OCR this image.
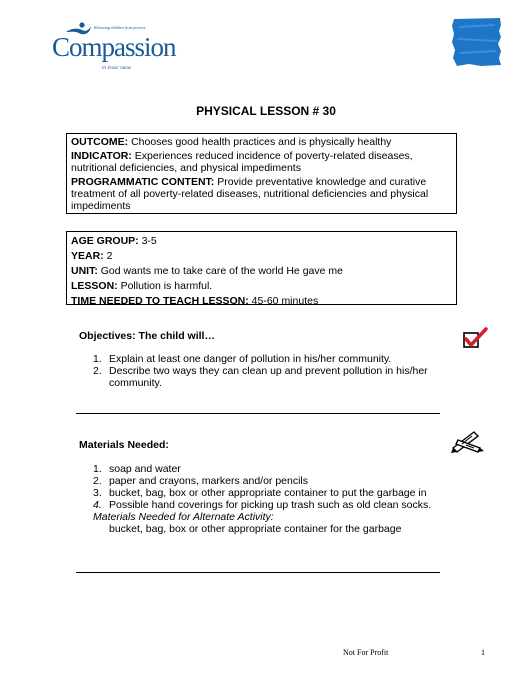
Releasing children from poverty
Compassion
in Jesus' name
PHYSICAL LESSON # 30

OUTCOME: Chooses good health practices and is physically healthy

INDICATOR: Experiences reduced incidence of poverty-related diseases, nutritional deficiencies, and physical impediments

PROGRAMMATIC CONTENT: Provide preventative knowledge and curative treatment of all poverty-related diseases, nutritional deficiencies and physical impediments

AGE GROUP: 3-5

YEAR: 2

UNIT: God wants me to take care of the world He gave me

LESSON: Pollution is harmful.

TIME NEEDED TO TEACH LESSON: 45-60 minutes

Objectives: The child will…
1. Explain at least one danger of pollution in his/her community.
2. Describe two ways they can clean up and prevent pollution in his/her community.
Materials Needed:
1. soap and water
2. paper and crayons, markers and/or pencils
3. bucket, bag, box or other appropriate container to put the garbage in
4. Possible hand coverings for picking up trash such as old clean socks.
Materials Needed for Alternate Activity:
bucket, bag, box or other appropriate container for the garbage
Not For Profit	1
